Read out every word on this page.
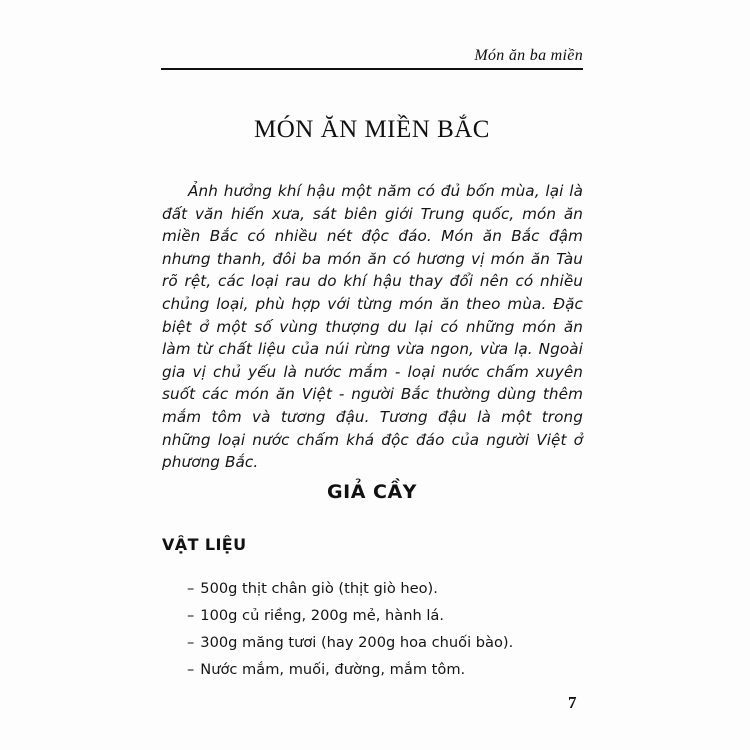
Món ăn ba miền
MÓN ĂN MIỀN BẮC

Ảnh hưởng khí hậu một năm có đủ bốn mùa, lại là đất văn hiến xưa, sát biên giới Trung quốc, món ăn miền Bắc có nhiều nét độc đáo. Món ăn Bắc đậm nhưng thanh, đôi ba món ăn có hương vị món ăn Tàu rõ rệt, các loại rau do khí hậu thay đổi nên có nhiều chủng loại, phù hợp với từng món ăn theo mùa. Đặc biệt ở một số vùng thượng du lại có những món ăn làm từ chất liệu của núi rừng vừa ngon, vừa lạ. Ngoài gia vị chủ yếu là nước mắm - loại nước chấm xuyên suốt các món ăn Việt - người Bắc thường dùng thêm mắm tôm và tương đậu. Tương đậu là một trong những loại nước chấm khá độc đáo của người Việt ở phương Bắc.

GIẢ CẦY
VẬT LIỆU
– 500g thịt chân giò (thịt giò heo).
– 100g củ riềng, 200g mẻ, hành lá.
– 300g măng tươi (hay 200g hoa chuối bào).
– Nước mắm, muối, đường, mắm tôm.
7
